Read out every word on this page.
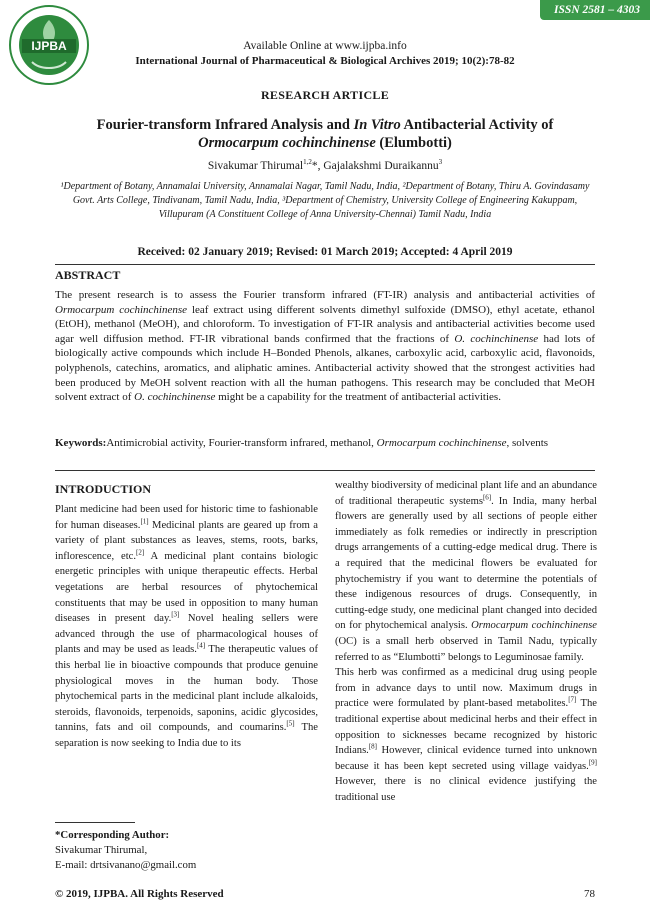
IJPBA
ISSN 2581 – 4303
Available Online at www.ijpba.info
International Journal of Pharmaceutical & Biological Archives 2019; 10(2):78-82
RESEARCH ARTICLE
Fourier-transform Infrared Analysis and In Vitro Antibacterial Activity of
Ormocarpum cochinchinense (Elumbotti)
Sivakumar Thirumal$^{1,2}$*, Gajalakshmi Duraikannu$^3$
¹Department of Botany, Annamalai University, Annamalai Nagar, Tamil Nadu, India, ²Department of Botany, Thiru A. Govindasamy Govt. Arts College, Tindivanam, Tamil Nadu, India, ³Department of Chemistry, University College of Engineering Kakuppam, Villupuram (A Constituent College of Anna University-Chennai) Tamil Nadu, India
Received: 02 January 2019; Revised: 01 March 2019; Accepted: 4 April 2019
ABSTRACT
The present research is to assess the Fourier transform infrared (FT-IR) analysis and antibacterial activities of Ormocarpum cochinchinense leaf extract using different solvents dimethyl sulfoxide (DMSO), ethyl acetate, ethanol (EtOH), methanol (MeOH), and chloroform. To investigation of FT-IR analysis and antibacterial activities become used agar well diffusion method. FT-IR vibrational bands confirmed that the fractions of O. cochinchinense had lots of biologically active compounds which include H–Bonded Phenols, alkanes, carboxylic acid, carboxylic acid, flavonoids, polyphenols, catechins, aromatics, and aliphatic amines. Antibacterial activity showed that the strongest activities had been produced by MeOH solvent reaction with all the human pathogens. This research may be concluded that MeOH solvent extract of O. cochinchinense might be a capability for the treatment of antibacterial activities.
Keywords:Antimicrobial activity, Fourier-transform infrared, methanol, Ormocarpum cochinchinense, solvents
INTRODUCTION
Plant medicine had been used for historic time to fashionable for human diseases.[1] Medicinal plants are geared up from a variety of plant substances as leaves, stems, roots, barks, inflorescence, etc.[2] A medicinal plant contains biologic energetic principles with unique therapeutic effects. Herbal vegetations are herbal resources of phytochemical constituents that may be used in opposition to many human diseases in present day.[3] Novel healing sellers were advanced through the use of pharmacological houses of plants and may be used as leads.[4] The therapeutic values of this herbal lie in bioactive compounds that produce genuine physiological moves in the human body. Those phytochemical parts in the medicinal plant include alkaloids, steroids, flavonoids, terpenoids, saponins, acidic glycosides, tannins, fats and oil compounds, and coumarins.[5] The separation is now seeking to India due to its
wealthy biodiversity of medicinal plant life and an abundance of traditional therapeutic systems[6]. In India, many herbal flowers are generally used by all sections of people either immediately as folk remedies or indirectly in prescription drugs arrangements of a cutting-edge medical drug. There is a required that the medicinal flowers be evaluated for phytochemistry if you want to determine the potentials of these indigenous resources of drugs. Consequently, in cutting-edge study, one medicinal plant changed into decided on for phytochemical analysis. Ormocarpum cochinchinense (OC) is a small herb observed in Tamil Nadu, typically referred to as “Elumbotti” belongs to Leguminosae family.
This herb was confirmed as a medicinal drug using people from in advance days to until now. Maximum drugs in practice were formulated by plant-based metabolites.[7] The traditional expertise about medicinal herbs and their effect in opposition to sicknesses became recognized by historic Indians.[8] However, clinical evidence turned into unknown because it has been kept secreted using village vaidyas.[9] However, there is no clinical evidence justifying the traditional use
*Corresponding Author:
Sivakumar Thirumal,
E-mail: drtsivanano@gmail.com
© 2019, IJPBA. All Rights Reserved	78
